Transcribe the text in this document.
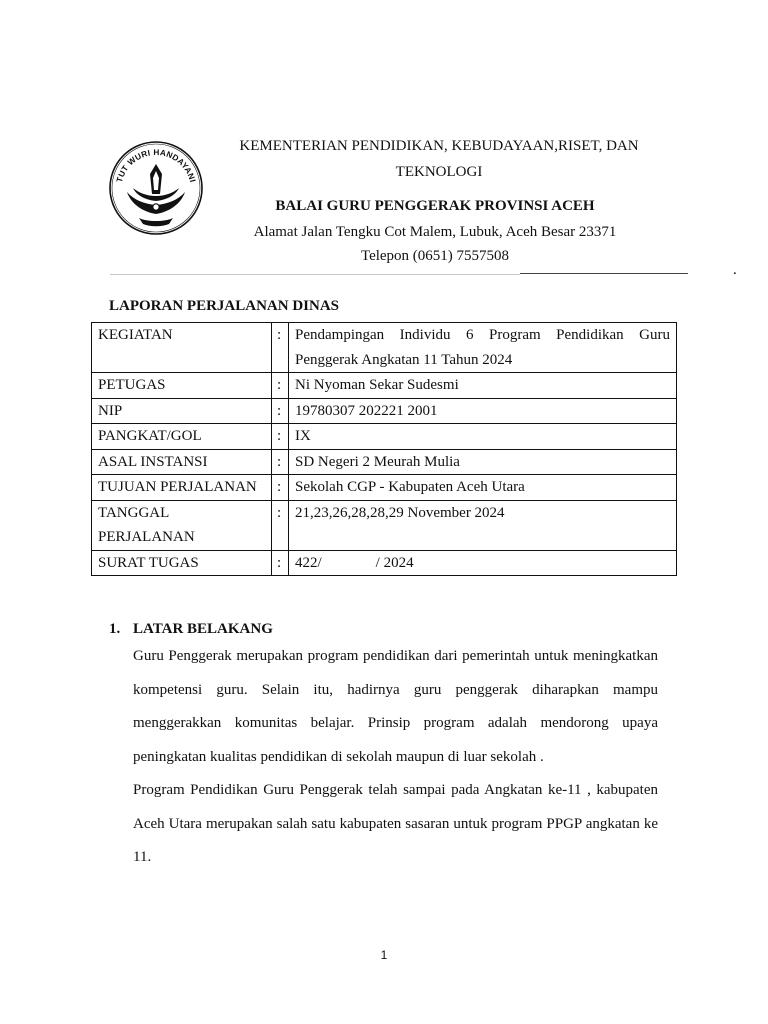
TUT WURI HANDAYANI
KEMENTERIAN PENDIDIKAN, KEBUDAYAAN,RISET, DAN
TEKNOLOGI
BALAI GURU PENGGERAK PROVINSI ACEH
Alamat Jalan Tengku Cot Malem, Lubuk, Aceh Besar 23371
Telepon (0651) 7557508
.
LAPORAN PERJALANAN DINAS
KEGIATAN	:	Pendampingan Individu 6 Program Pendidikan Guru Penggerak Angkatan 11 Tahun 2024
PETUGAS	:	Ni Nyoman Sekar Sudesmi
NIP	:	19780307 202221 2001
PANGKAT/GOL	:	IX
ASAL INSTANSI	:	SD Negeri 2 Meurah Mulia
TUJUAN PERJALANAN	:	Sekolah CGP - Kabupaten Aceh Utara
TANGGAL PERJALANAN	:	21,23,26,28,28,29 November 2024
SURAT TUGAS	:	422/ / 2024
1. LATAR BELAKANG
Guru Penggerak merupakan program pendidikan dari pemerintah untuk meningkatkan kompetensi guru. Selain itu, hadirnya guru penggerak diharapkan mampu menggerakkan komunitas belajar. Prinsip program adalah mendorong upaya peningkatan kualitas pendidikan di sekolah maupun di luar sekolah .
Program Pendidikan Guru Penggerak telah sampai pada Angkatan ke-11 , kabupaten Aceh Utara merupakan salah satu kabupaten sasaran untuk program PPGP angkatan ke 11.
1
